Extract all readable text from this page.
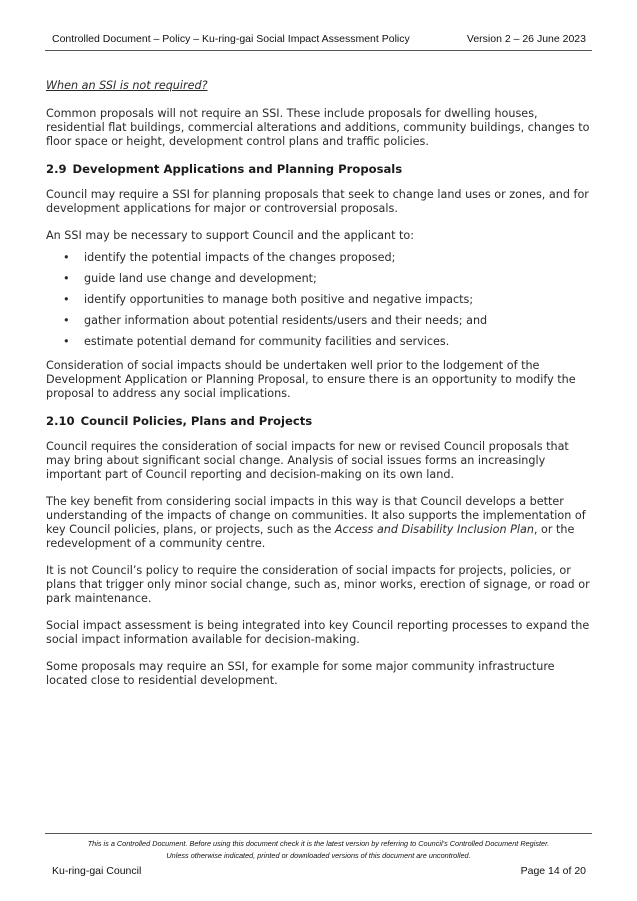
Controlled Document – Policy – Ku-ring-gai Social Impact Assessment Policy	Version 2 – 26 June 2023

When an SSI is not required?

Common proposals will not require an SSI. These include proposals for dwelling houses, residential flat buildings, commercial alterations and additions, community buildings, changes to floor space or height, development control plans and traffic policies.

2.9 Development Applications and Planning Proposals

Council may require a SSI for planning proposals that seek to change land uses or zones, and for development applications for major or controversial proposals.

An SSI may be necessary to support Council and the applicant to:

• identify the potential impacts of the changes proposed;
• guide land use change and development;
• identify opportunities to manage both positive and negative impacts;
• gather information about potential residents/users and their needs; and
• estimate potential demand for community facilities and services.

Consideration of social impacts should be undertaken well prior to the lodgement of the Development Application or Planning Proposal, to ensure there is an opportunity to modify the proposal to address any social implications.

2.10 Council Policies, Plans and Projects

Council requires the consideration of social impacts for new or revised Council proposals that may bring about significant social change. Analysis of social issues forms an increasingly important part of Council reporting and decision-making on its own land.

The key benefit from considering social impacts in this way is that Council develops a better understanding of the impacts of change on communities. It also supports the implementation of key Council policies, plans, or projects, such as the Access and Disability Inclusion Plan, or the redevelopment of a community centre.

It is not Council’s policy to require the consideration of social impacts for projects, policies, or plans that trigger only minor social change, such as, minor works, erection of signage, or road or park maintenance.

Social impact assessment is being integrated into key Council reporting processes to expand the social impact information available for decision-making.

Some proposals may require an SSI, for example for some major community infrastructure located close to residential development.

This is a Controlled Document. Before using this document check it is the latest version by referring to Council’s Controlled Document Register.
Unless otherwise indicated, printed or downloaded versions of this document are uncontrolled.
Ku-ring-gai Council	Page 14 of 20
